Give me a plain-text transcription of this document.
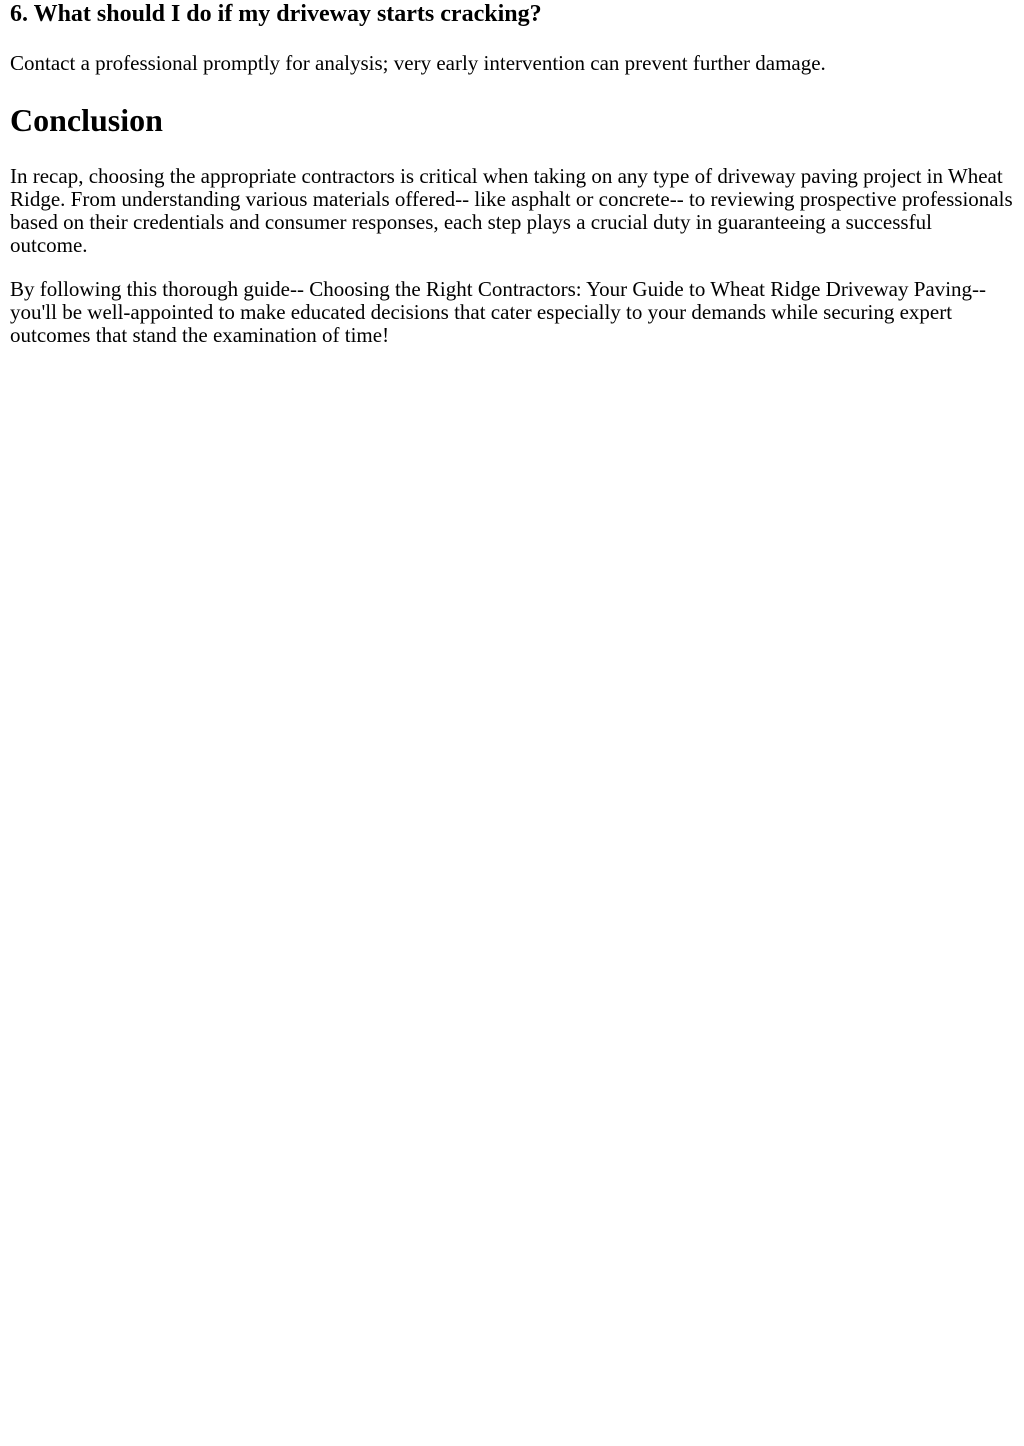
6. What should I do if my driveway starts cracking?

Contact a professional promptly for analysis; very early intervention can prevent further damage.

Conclusion

In recap, choosing the appropriate contractors is critical when taking on any type of driveway paving project in Wheat Ridge. From understanding various materials offered-- like asphalt or concrete-- to reviewing prospective professionals based on their credentials and consumer responses, each step plays a crucial duty in guaranteeing a successful outcome.

By following this thorough guide-- Choosing the Right Contractors: Your Guide to Wheat Ridge Driveway Paving-- you'll be well-appointed to make educated decisions that cater especially to your demands while securing expert outcomes that stand the examination of time!
